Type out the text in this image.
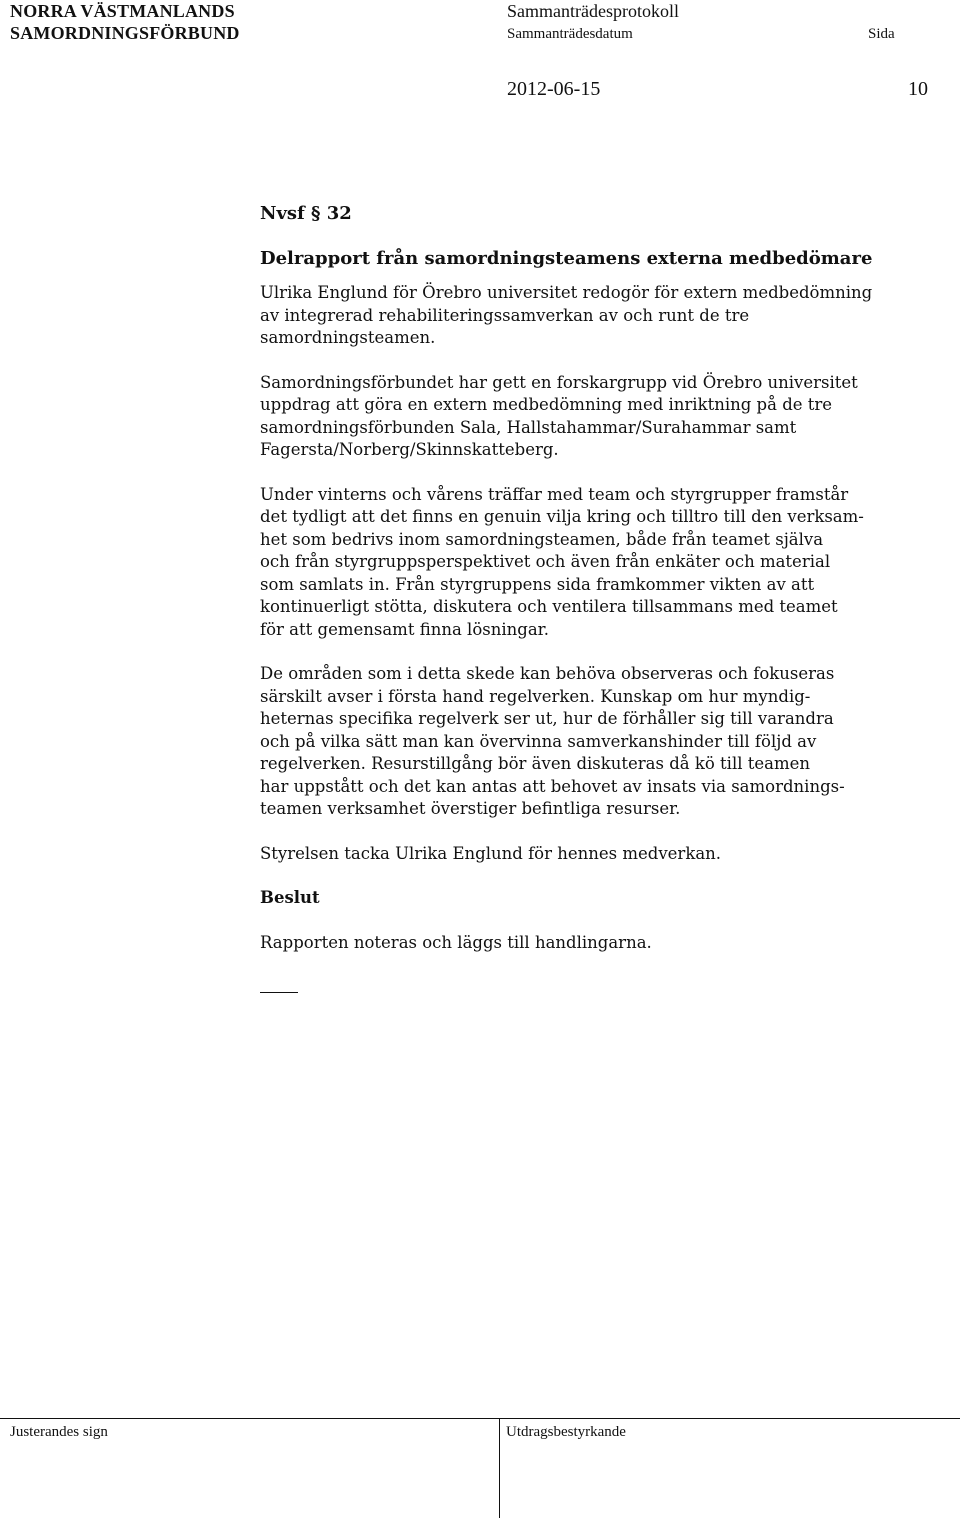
NORRA VÄSTMANLANDS
SAMORDNINGSFÖRBUND
Sammanträdesprotokoll
Sammanträdesdatum	Sida
2012-06-15	10
Nvsf § 32
Delrapport från samordningsteamens externa medbedömare
Ulrika Englund för Örebro universitet redogör för extern medbedömning
av integrerad rehabiliteringssamverkan av och runt de tre
samordningsteamen.
Samordningsförbundet har gett en forskargrupp vid Örebro universitet
uppdrag att göra en extern medbedömning med inriktning på de tre
samordningsförbunden Sala, Hallstahammar/Surahammar samt
Fagersta/Norberg/Skinnskatteberg.
Under vinterns och vårens träffar med team och styrgrupper framstår
det tydligt att det finns en genuin vilja kring och tilltro till den verksam-
het som bedrivs inom samordningsteamen, både från teamet själva
och från styrgruppsperspektivet och även från enkäter och material
som samlats in. Från styrgruppens sida framkommer vikten av att
kontinuerligt stötta, diskutera och ventilera tillsammans med teamet
för att gemensamt finna lösningar.
De områden som i detta skede kan behöva observeras och fokuseras
särskilt avser i första hand regelverken. Kunskap om hur myndig-
heternas specifika regelverk ser ut, hur de förhåller sig till varandra
och på vilka sätt man kan övervinna samverkanshinder till följd av
regelverken. Resurstillgång bör även diskuteras då kö till teamen
har uppstått och det kan antas att behovet av insats via samordnings-
teamen verksamhet överstiger befintliga resurser.
Styrelsen tacka Ulrika Englund för hennes medverkan.
Beslut
Rapporten noteras och läggs till handlingarna.
Justerandes sign	Utdragsbestyrkande
